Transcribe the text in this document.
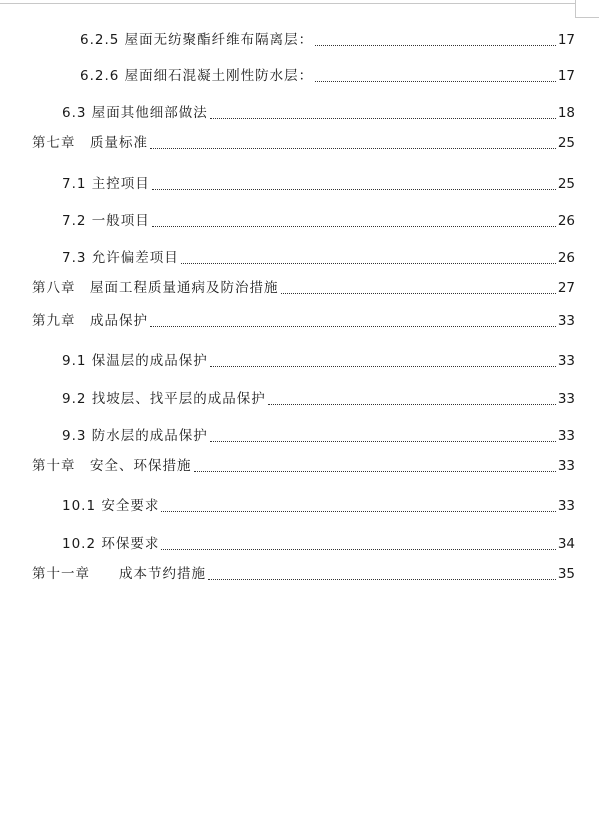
6.2.5 屋面无纺聚酯纤维布隔离层：	17
6.2.6 屋面细石混凝土刚性防水层：	17
6.3 屋面其他细部做法	18
第七章　质量标准	25
7.1 主控项目	25
7.2 一般项目	26
7.3 允许偏差项目	26
第八章　屋面工程质量通病及防治措施	27
第九章　成品保护	33
9.1 保温层的成品保护	33
9.2 找坡层、找平层的成品保护	33
9.3 防水层的成品保护	33
第十章　安全、环保措施	33
10.1 安全要求	33
10.2 环保要求	34
第十一章　　成本节约措施	35
